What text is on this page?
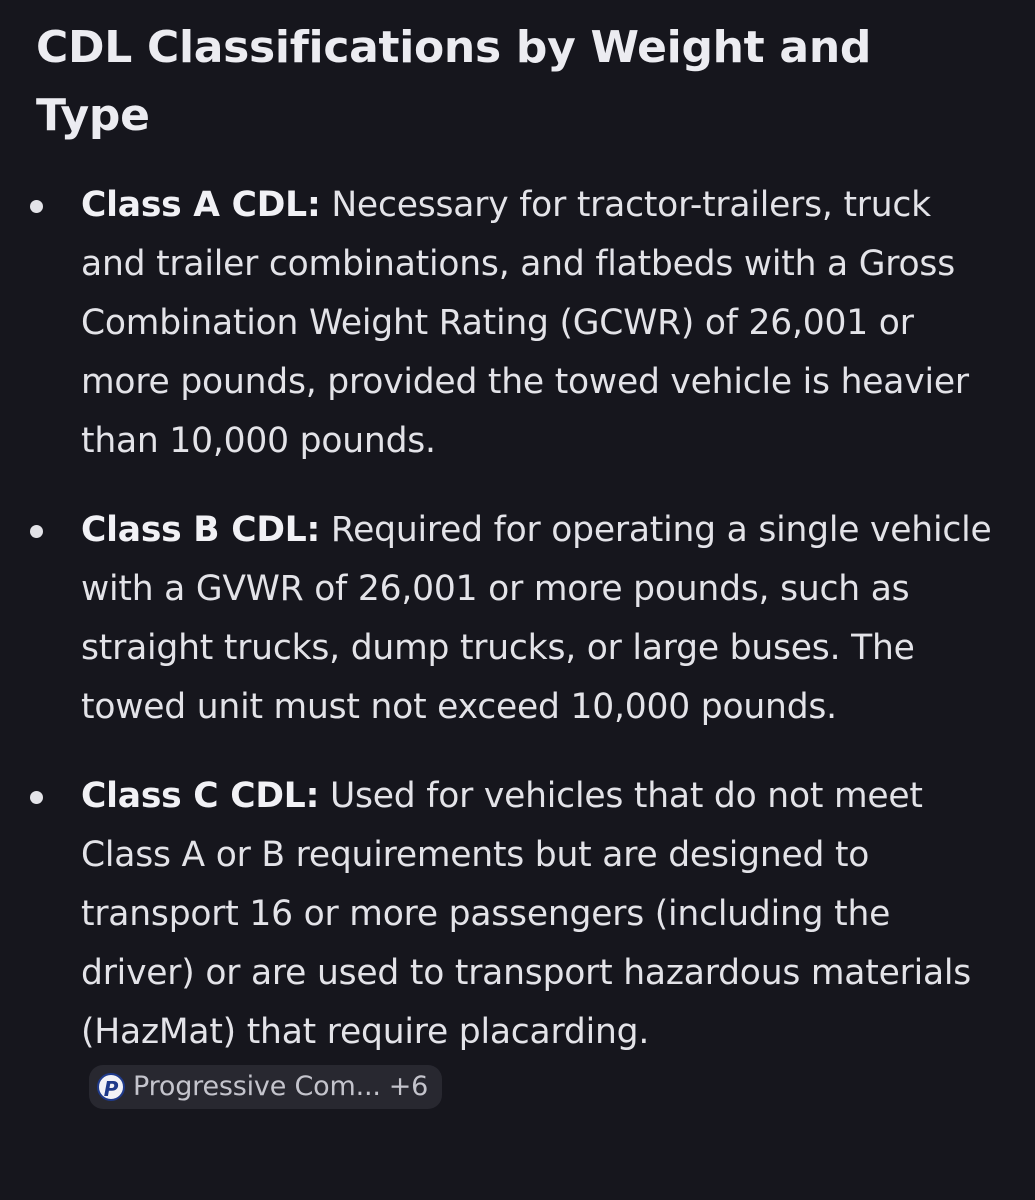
CDL Classifications by Weight and Type
Class A CDL: Necessary for tractor-trailers, truck and trailer combinations, and flatbeds with a Gross Combination Weight Rating (GCWR) of 26,001 or more pounds, provided the towed vehicle is heavier than 10,000 pounds.
Class B CDL: Required for operating a single vehicle with a GVWR of 26,001 or more pounds, such as straight trucks, dump trucks, or large buses. The towed unit must not exceed 10,000 pounds.
Class C CDL: Used for vehicles that do not meet Class A or B requirements but are designed to transport 16 or more passengers (including the driver) or are used to transport hazardous materials (HazMat) that require placarding.
P Progressive Com... +6
